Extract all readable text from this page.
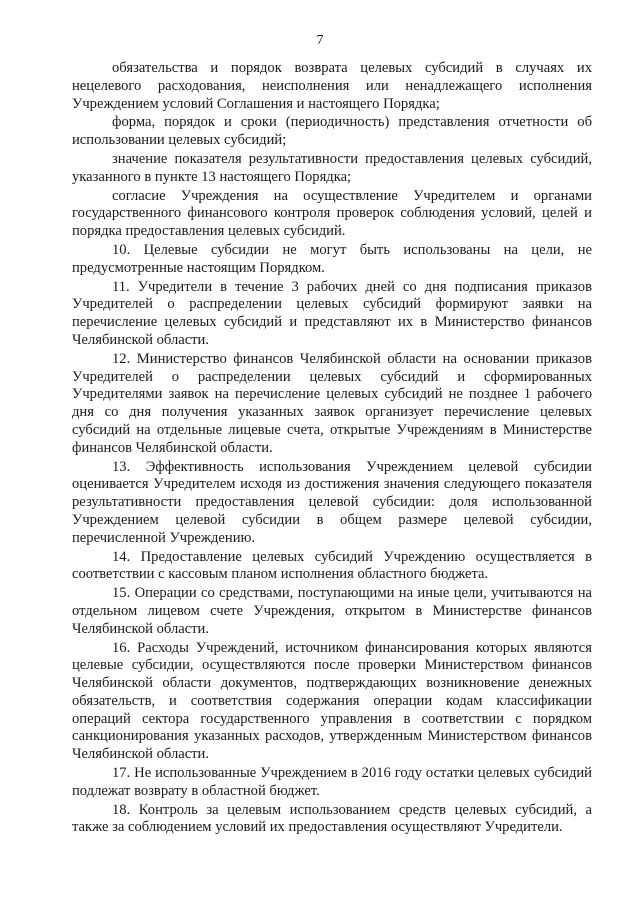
7

обязательства и порядок возврата целевых субсидий в случаях их нецелевого расходования, неисполнения или ненадлежащего исполнения Учреждением условий Соглашения и настоящего Порядка;

форма, порядок и сроки (периодичность) представления отчетности об использовании целевых субсидий;

значение показателя результативности предоставления целевых субсидий, указанного в пункте 13 настоящего Порядка;

согласие Учреждения на осуществление Учредителем и органами государственного финансового контроля проверок соблюдения условий, целей и порядка предоставления целевых субсидий.

10. Целевые субсидии не могут быть использованы на цели, не предусмотренные настоящим Порядком.

11. Учредители в течение 3 рабочих дней со дня подписания приказов Учредителей о распределении целевых субсидий формируют заявки на перечисление целевых субсидий и представляют их в Министерство финансов Челябинской области.

12. Министерство финансов Челябинской области на основании приказов Учредителей о распределении целевых субсидий и сформированных Учредителями заявок на перечисление целевых субсидий не позднее 1 рабочего дня со дня получения указанных заявок организует перечисление целевых субсидий на отдельные лицевые счета, открытые Учреждениям в Министерстве финансов Челябинской области.

13. Эффективность использования Учреждением целевой субсидии оценивается Учредителем исходя из достижения значения следующего показателя результативности предоставления целевой субсидии: доля использованной Учреждением целевой субсидии в общем размере целевой субсидии, перечисленной Учреждению.

14. Предоставление целевых субсидий Учреждению осуществляется в соответствии с кассовым планом исполнения областного бюджета.

15. Операции со средствами, поступающими на иные цели, учитываются на отдельном лицевом счете Учреждения, открытом в Министерстве финансов Челябинской области.

16. Расходы Учреждений, источником финансирования которых являются целевые субсидии, осуществляются после проверки Министерством финансов Челябинской области документов, подтверждающих возникновение денежных обязательств, и соответствия содержания операции кодам классификации операций сектора государственного управления в соответствии с порядком санкционирования указанных расходов, утвержденным Министерством финансов Челябинской области.

17. Не использованные Учреждением в 2016 году остатки целевых субсидий подлежат возврату в областной бюджет.

18. Контроль за целевым использованием средств целевых субсидий, а также за соблюдением условий их предоставления осуществляют Учредители.
